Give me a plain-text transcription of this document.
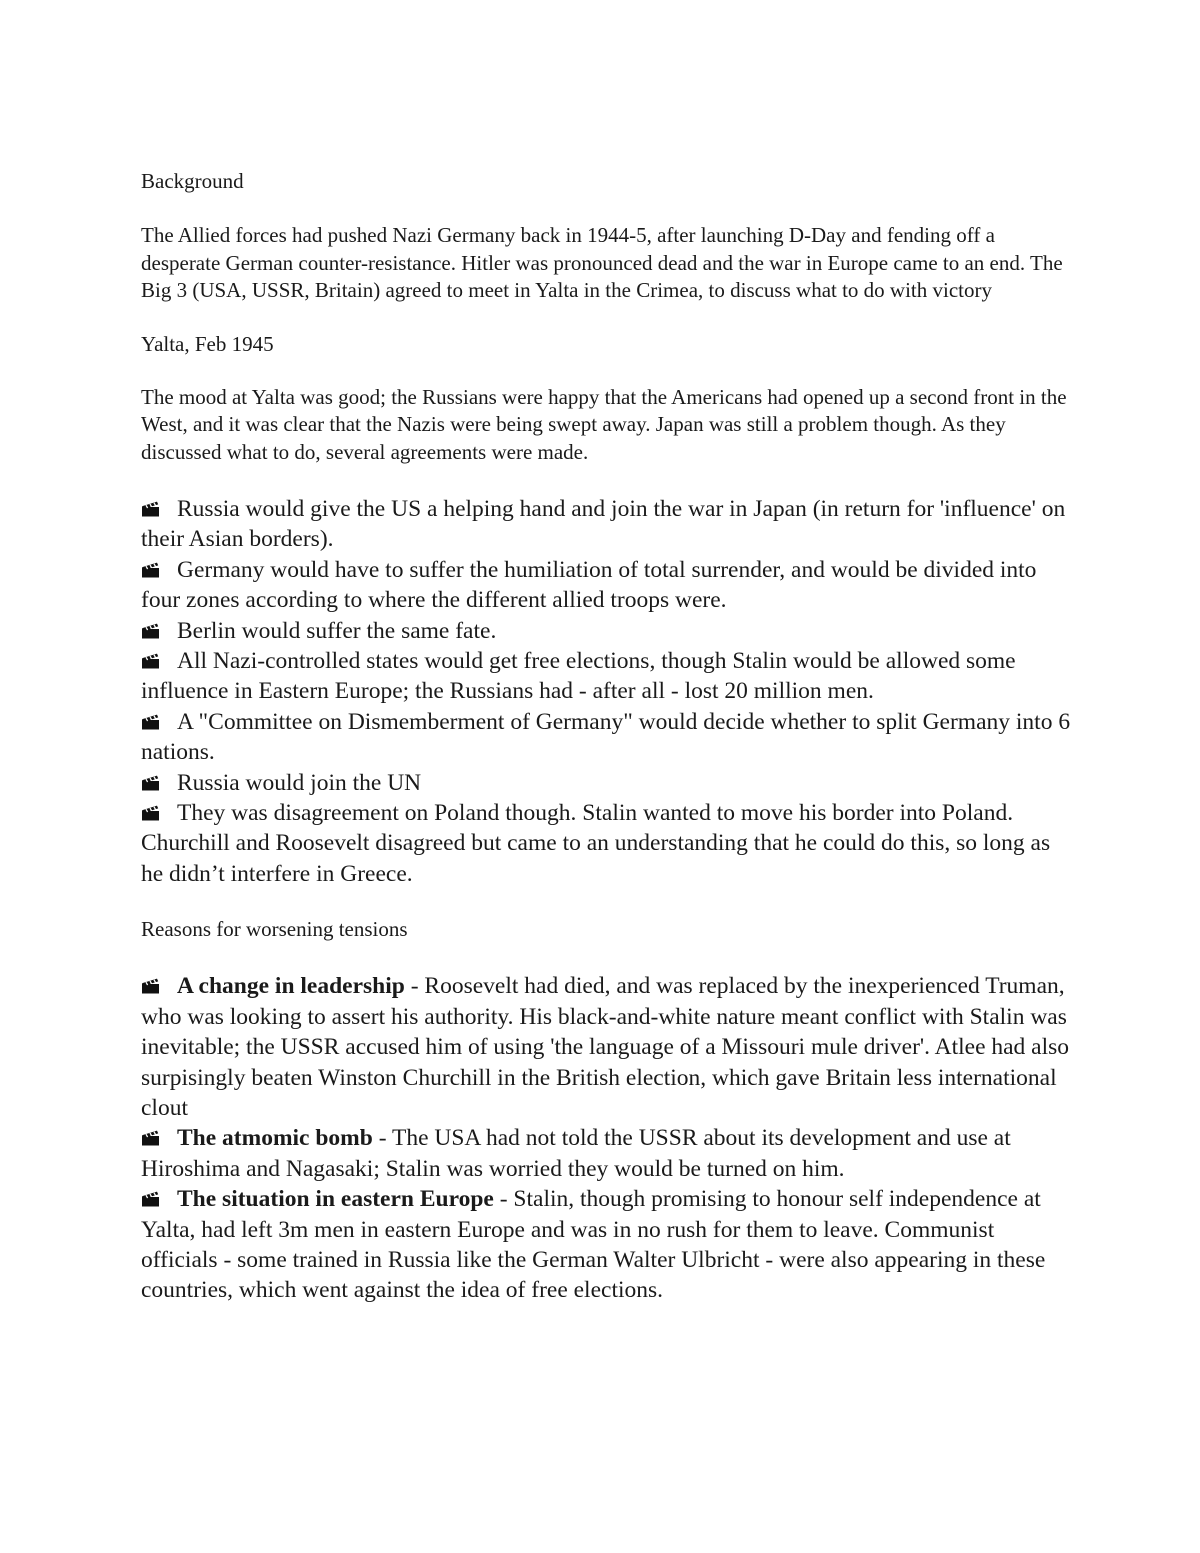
Background

The Allied forces had pushed Nazi Germany back in 1944-5, after launching D-Day and fending off a desperate German counter-resistance. Hitler was pronounced dead and the war in Europe came to an end. The Big 3 (USA, USSR, Britain) agreed to meet in Yalta in the Crimea, to discuss what to do with victory

Yalta, Feb 1945

The mood at Yalta was good; the Russians were happy that the Americans had opened up a second front in the West, and it was clear that the Nazis were being swept away. Japan was still a problem though. As they discussed what to do, several agreements were made.

Russia would give the US a helping hand and join the war in Japan (in return for 'influence' on their Asian borders).
Germany would have to suffer the humiliation of total surrender, and would be divided into four zones according to where the different allied troops were.
Berlin would suffer the same fate.
All Nazi-controlled states would get free elections, though Stalin would be allowed some influence in Eastern Europe; the Russians had - after all - lost 20 million men.
A "Committee on Dismemberment of Germany" would decide whether to split Germany into 6 nations.
Russia would join the UN
They was disagreement on Poland though. Stalin wanted to move his border into Poland. Churchill and Roosevelt disagreed but came to an understanding that he could do this, so long as he didn’t interfere in Greece.

Reasons for worsening tensions

A change in leadership - Roosevelt had died, and was replaced by the inexperienced Truman, who was looking to assert his authority. His black-and-white nature meant conflict with Stalin was inevitable; the USSR accused him of using 'the language of a Missouri mule driver'. Atlee had also surpisingly beaten Winston Churchill in the British election, which gave Britain less international clout
The atmomic bomb - The USA had not told the USSR about its development and use at Hiroshima and Nagasaki; Stalin was worried they would be turned on him.
The situation in eastern Europe - Stalin, though promising to honour self independence at Yalta, had left 3m men in eastern Europe and was in no rush for them to leave. Communist officials - some trained in Russia like the German Walter Ulbricht - were also appearing in these countries, which went against the idea of free elections.
